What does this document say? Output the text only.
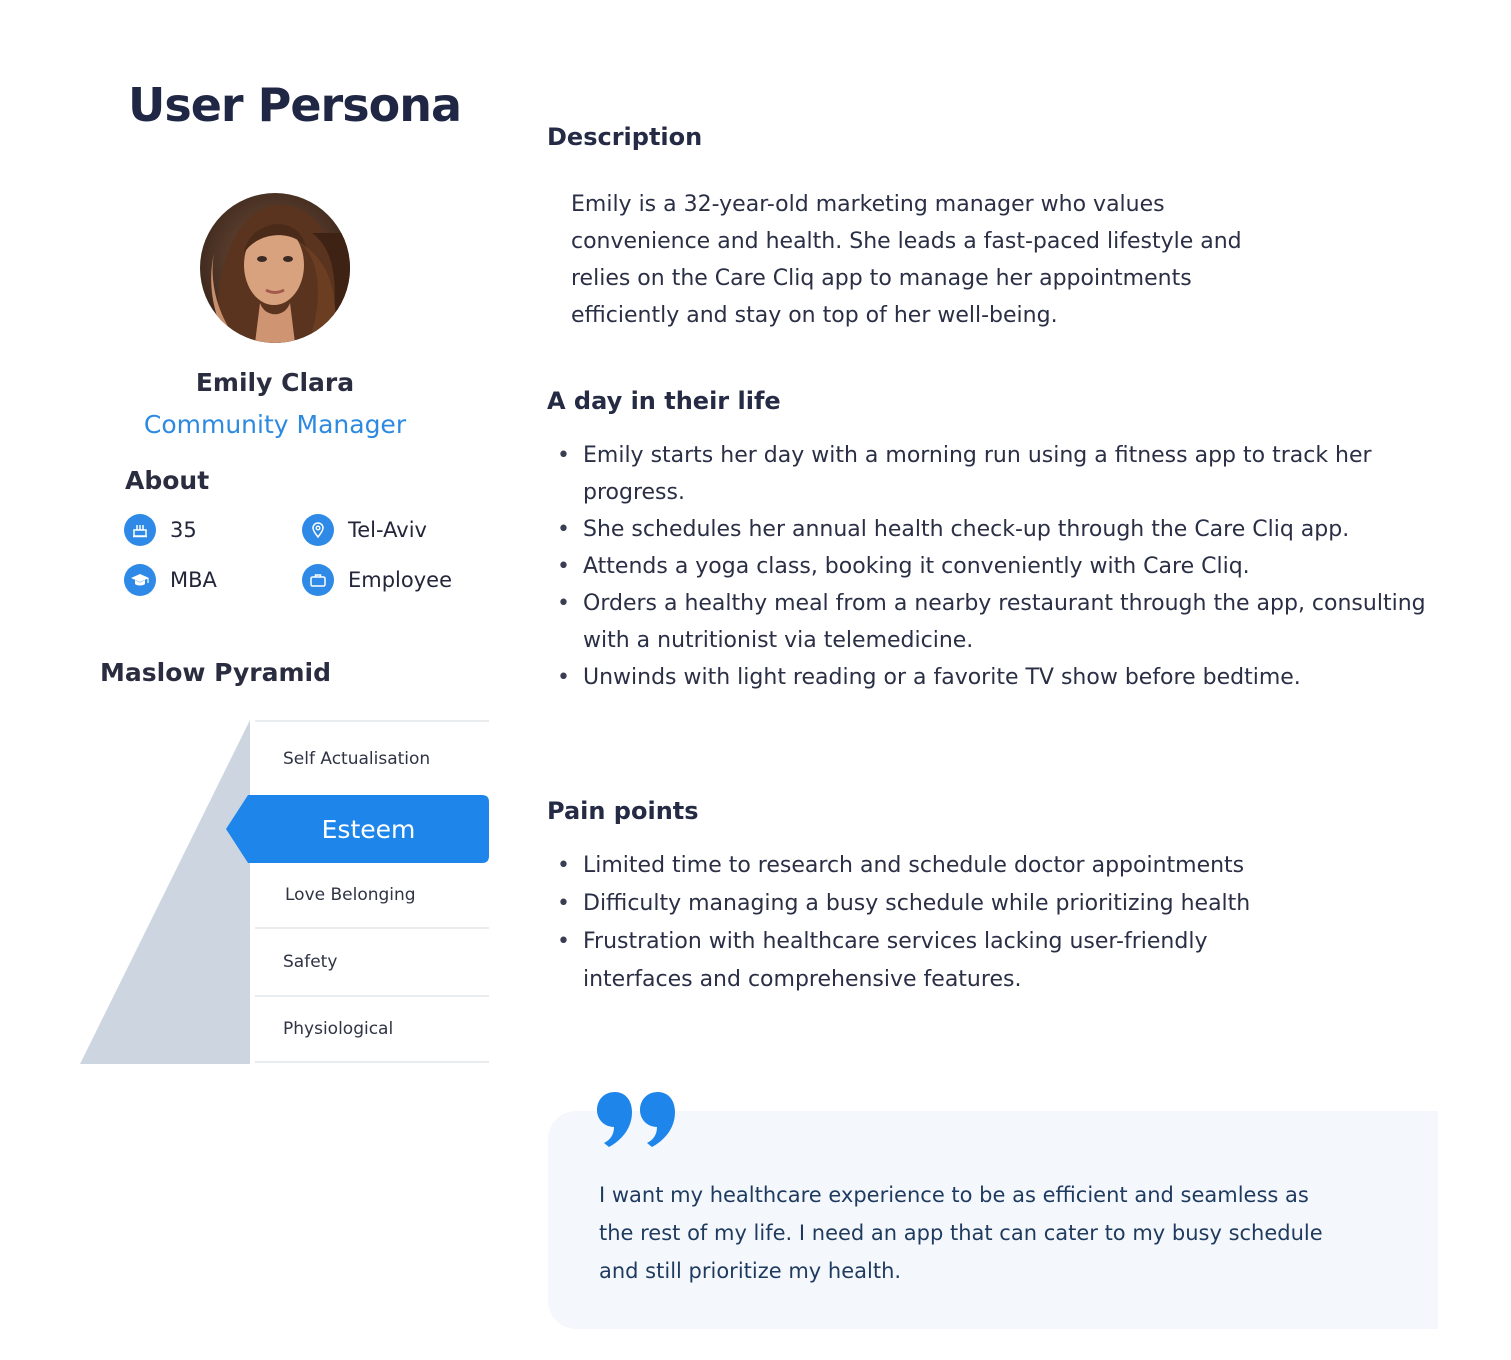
User Persona
Emily Clara
Community Manager
About
35	Tel-Aviv
MBA	Employee
Maslow Pyramid
Self Actualisation
Esteem
Love Belonging
Safety
Physiological
Description
Emily is a 32-year-old marketing manager who values convenience and health. She leads a fast-paced lifestyle and relies on the Care Cliq app to manage her appointments efficiently and stay on top of her well-being.
A day in their life
• Emily starts her day with a morning run using a fitness app to track her progress.
• She schedules her annual health check-up through the Care Cliq app.
• Attends a yoga class, booking it conveniently with Care Cliq.
• Orders a healthy meal from a nearby restaurant through the app, consulting with a nutritionist via telemedicine.
• Unwinds with light reading or a favorite TV show before bedtime.
Pain points
• Limited time to research and schedule doctor appointments
• Difficulty managing a busy schedule while prioritizing health
• Frustration with healthcare services lacking user-friendly interfaces and comprehensive features.
I want my healthcare experience to be as efficient and seamless as the rest of my life. I need an app that can cater to my busy schedule and still prioritize my health.
